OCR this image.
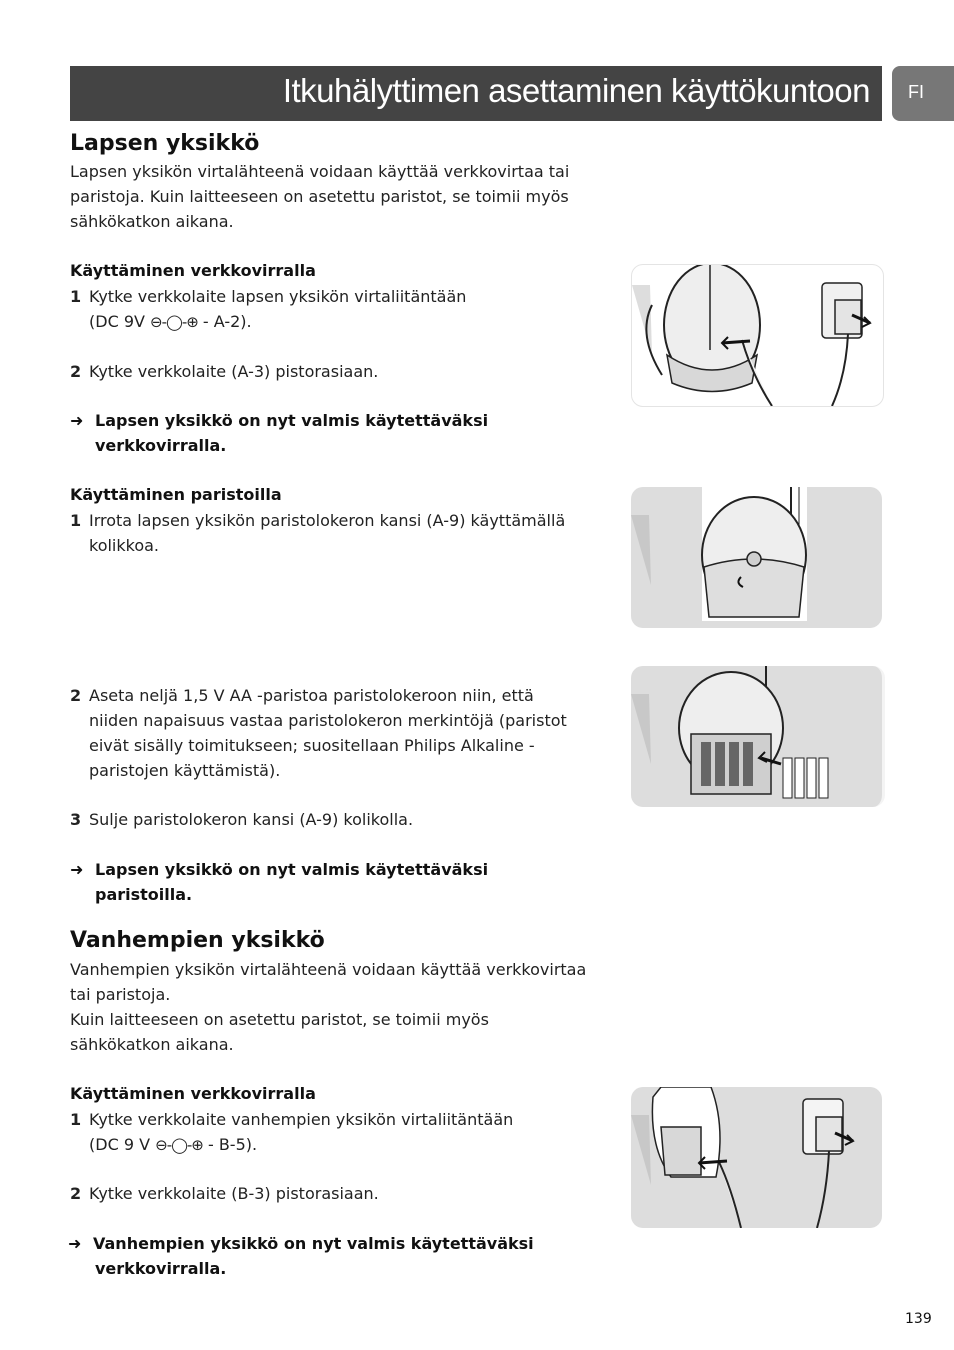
Itkuhälyttimen asettaminen käyttökuntoon FI
Lapsen yksikkö
Lapsen yksikön virtalähteenä voidaan käyttää verkkovirtaa tai
paristoja. Kuin laitteeseen on asetettu paristot, se toimii myös
sähkökatkon aikana.
Käyttäminen verkkovirralla
1 Kytke verkkolaite lapsen yksikön virtaliitäntään
(DC 9V ⊖-◯-⊕ - A-2).
2 Kytke verkkolaite (A-3) pistorasiaan.
➜ Lapsen yksikkö on nyt valmis käytettäväksi
verkkovirralla.
Käyttäminen paristoilla
1 Irrota lapsen yksikön paristolokeron kansi (A-9) käyttämällä
kolikkoa.
2 Aseta neljä 1,5 V AA -paristoa paristolokeroon niin, että
niiden napaisuus vastaa paristolokeron merkintöjä (paristot
eivät sisälly toimitukseen; suositellaan Philips Alkaline -
paristojen käyttämistä).
3 Sulje paristolokeron kansi (A-9) kolikolla.
➜ Lapsen yksikkö on nyt valmis käytettäväksi
paristoilla.
Vanhempien yksikkö
Vanhempien yksikön virtalähteenä voidaan käyttää verkkovirtaa
tai paristoja.
Kuin laitteeseen on asetettu paristot, se toimii myös
sähkökatkon aikana.
Käyttäminen verkkovirralla
1 Kytke verkkolaite vanhempien yksikön virtaliitäntään
(DC 9 V ⊖-◯-⊕ - B-5).
2 Kytke verkkolaite (B-3) pistorasiaan.
➜ Vanhempien yksikkö on nyt valmis käytettäväksi
verkkovirralla.
139
